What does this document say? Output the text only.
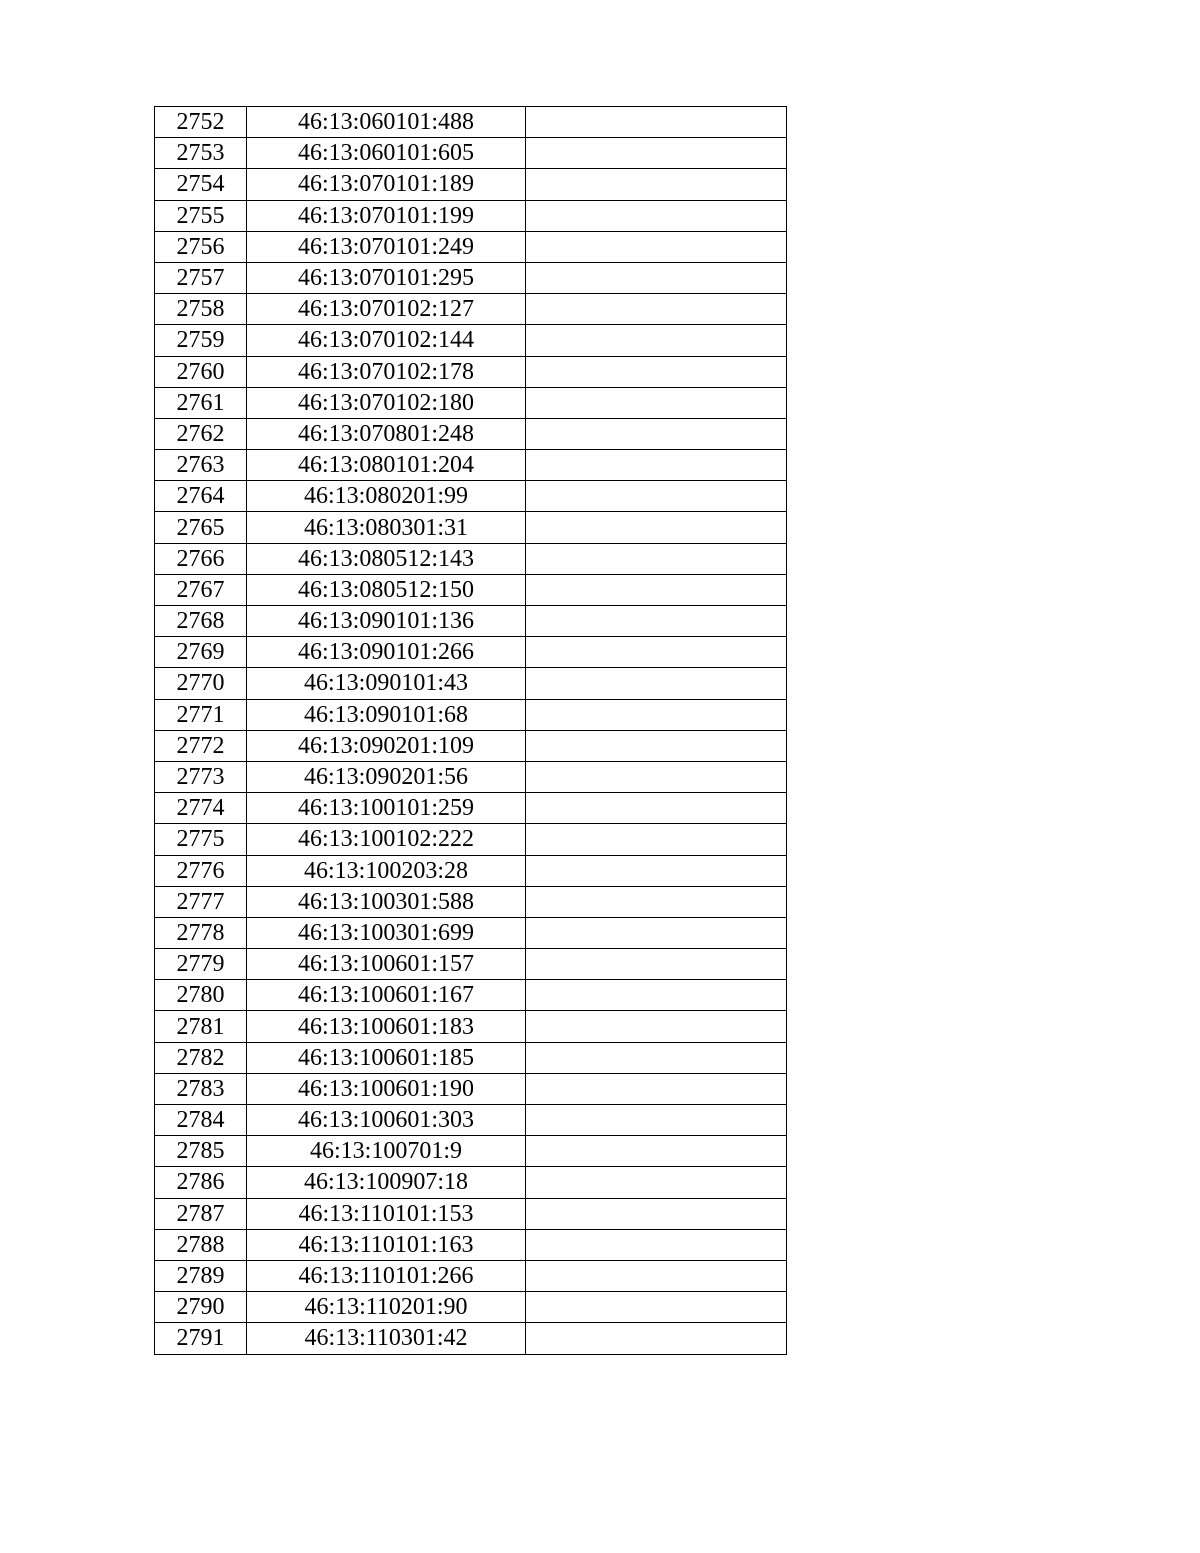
2752	46:13:060101:488	
2753	46:13:060101:605	
2754	46:13:070101:189	
2755	46:13:070101:199	
2756	46:13:070101:249	
2757	46:13:070101:295	
2758	46:13:070102:127	
2759	46:13:070102:144	
2760	46:13:070102:178	
2761	46:13:070102:180	
2762	46:13:070801:248	
2763	46:13:080101:204	
2764	46:13:080201:99	
2765	46:13:080301:31	
2766	46:13:080512:143	
2767	46:13:080512:150	
2768	46:13:090101:136	
2769	46:13:090101:266	
2770	46:13:090101:43	
2771	46:13:090101:68	
2772	46:13:090201:109	
2773	46:13:090201:56	
2774	46:13:100101:259	
2775	46:13:100102:222	
2776	46:13:100203:28	
2777	46:13:100301:588	
2778	46:13:100301:699	
2779	46:13:100601:157	
2780	46:13:100601:167	
2781	46:13:100601:183	
2782	46:13:100601:185	
2783	46:13:100601:190	
2784	46:13:100601:303	
2785	46:13:100701:9	
2786	46:13:100907:18	
2787	46:13:110101:153	
2788	46:13:110101:163	
2789	46:13:110101:266	
2790	46:13:110201:90	
2791	46:13:110301:42	
